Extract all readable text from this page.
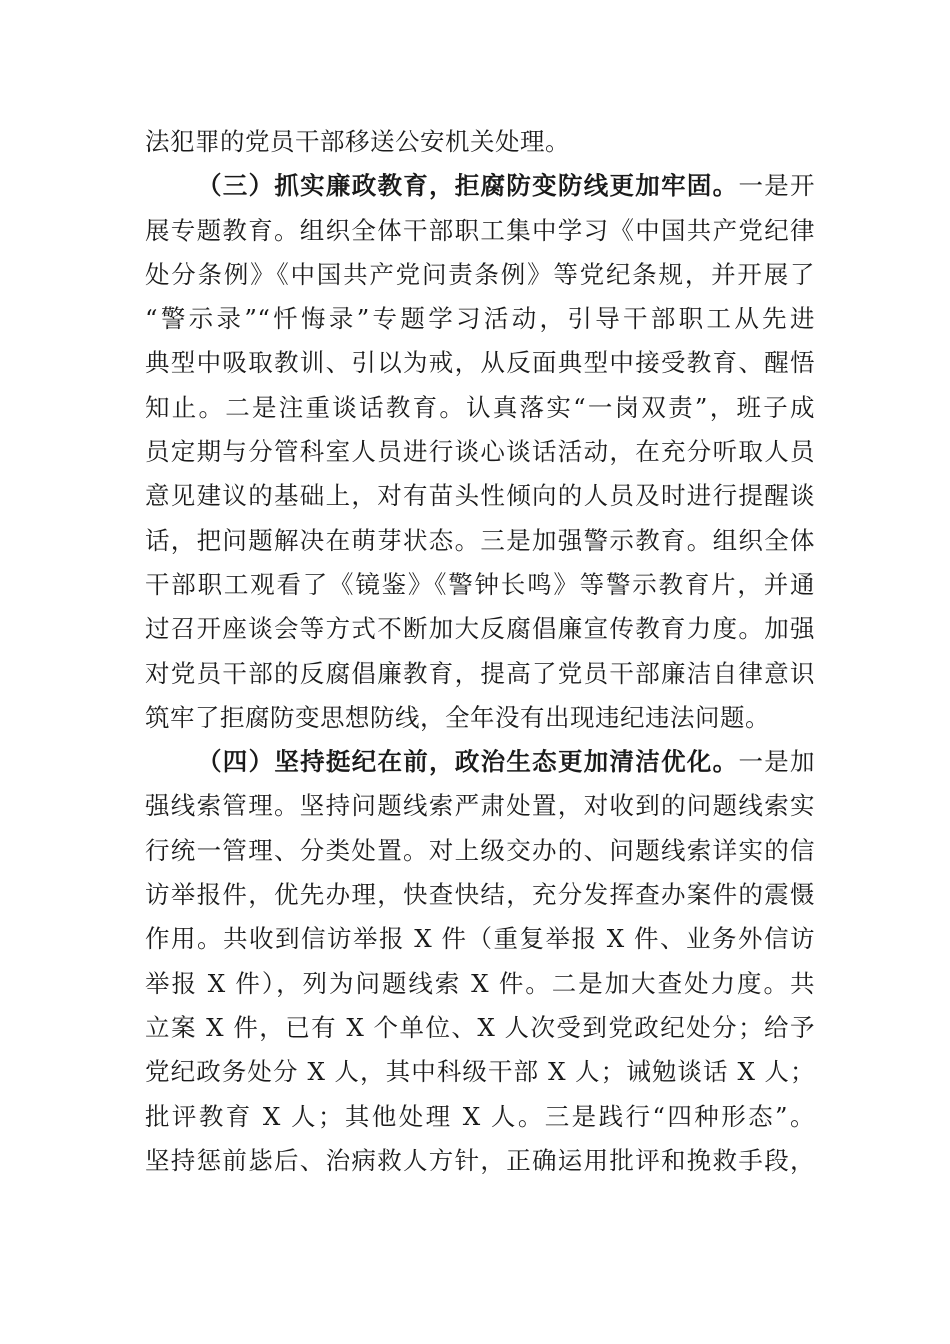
法犯罪的党员干部移送公安机关处理。
（三）抓实廉政教育，拒腐防变防线更加牢固。一是开
展专题教育。组织全体干部职工集中学习《中国共产党纪律
处分条例》《中国共产党问责条例》等党纪条规，并开展了
“警示录”“忏悔录”专题学习活动，引导干部职工从先进
典型中吸取教训、引以为戒，从反面典型中接受教育、醒悟
知止。二是注重谈话教育。认真落实“一岗双责”，班子成
员定期与分管科室人员进行谈心谈话活动，在充分听取人员
意见建议的基础上，对有苗头性倾向的人员及时进行提醒谈
话，把问题解决在萌芽状态。三是加强警示教育。组织全体
干部职工观看了《镜鉴》《警钟长鸣》等警示教育片，并通
过召开座谈会等方式不断加大反腐倡廉宣传教育力度。加强
对党员干部的反腐倡廉教育，提高了党员干部廉洁自律意识
筑牢了拒腐防变思想防线，全年没有出现违纪违法问题。
（四）坚持挺纪在前，政治生态更加清洁优化。一是加
强线索管理。坚持问题线索严肃处置，对收到的问题线索实
行统一管理、分类处置。对上级交办的、问题线索详实的信
访举报件，优先办理，快查快结，充分发挥查办案件的震慑
作用。共收到信访举报 X 件（重复举报 X 件、业务外信访
举报 X 件），列为问题线索 X 件。二是加大查处力度。共
立案 X 件，已有 X 个单位、X 人次受到党政纪处分；给予
党纪政务处分 X 人，其中科级干部 X 人；诫勉谈话 X 人；
批评教育 X 人；其他处理 X 人。三是践行“四种形态”。
坚持惩前毖后、治病救人方针，正确运用批评和挽救手段，
